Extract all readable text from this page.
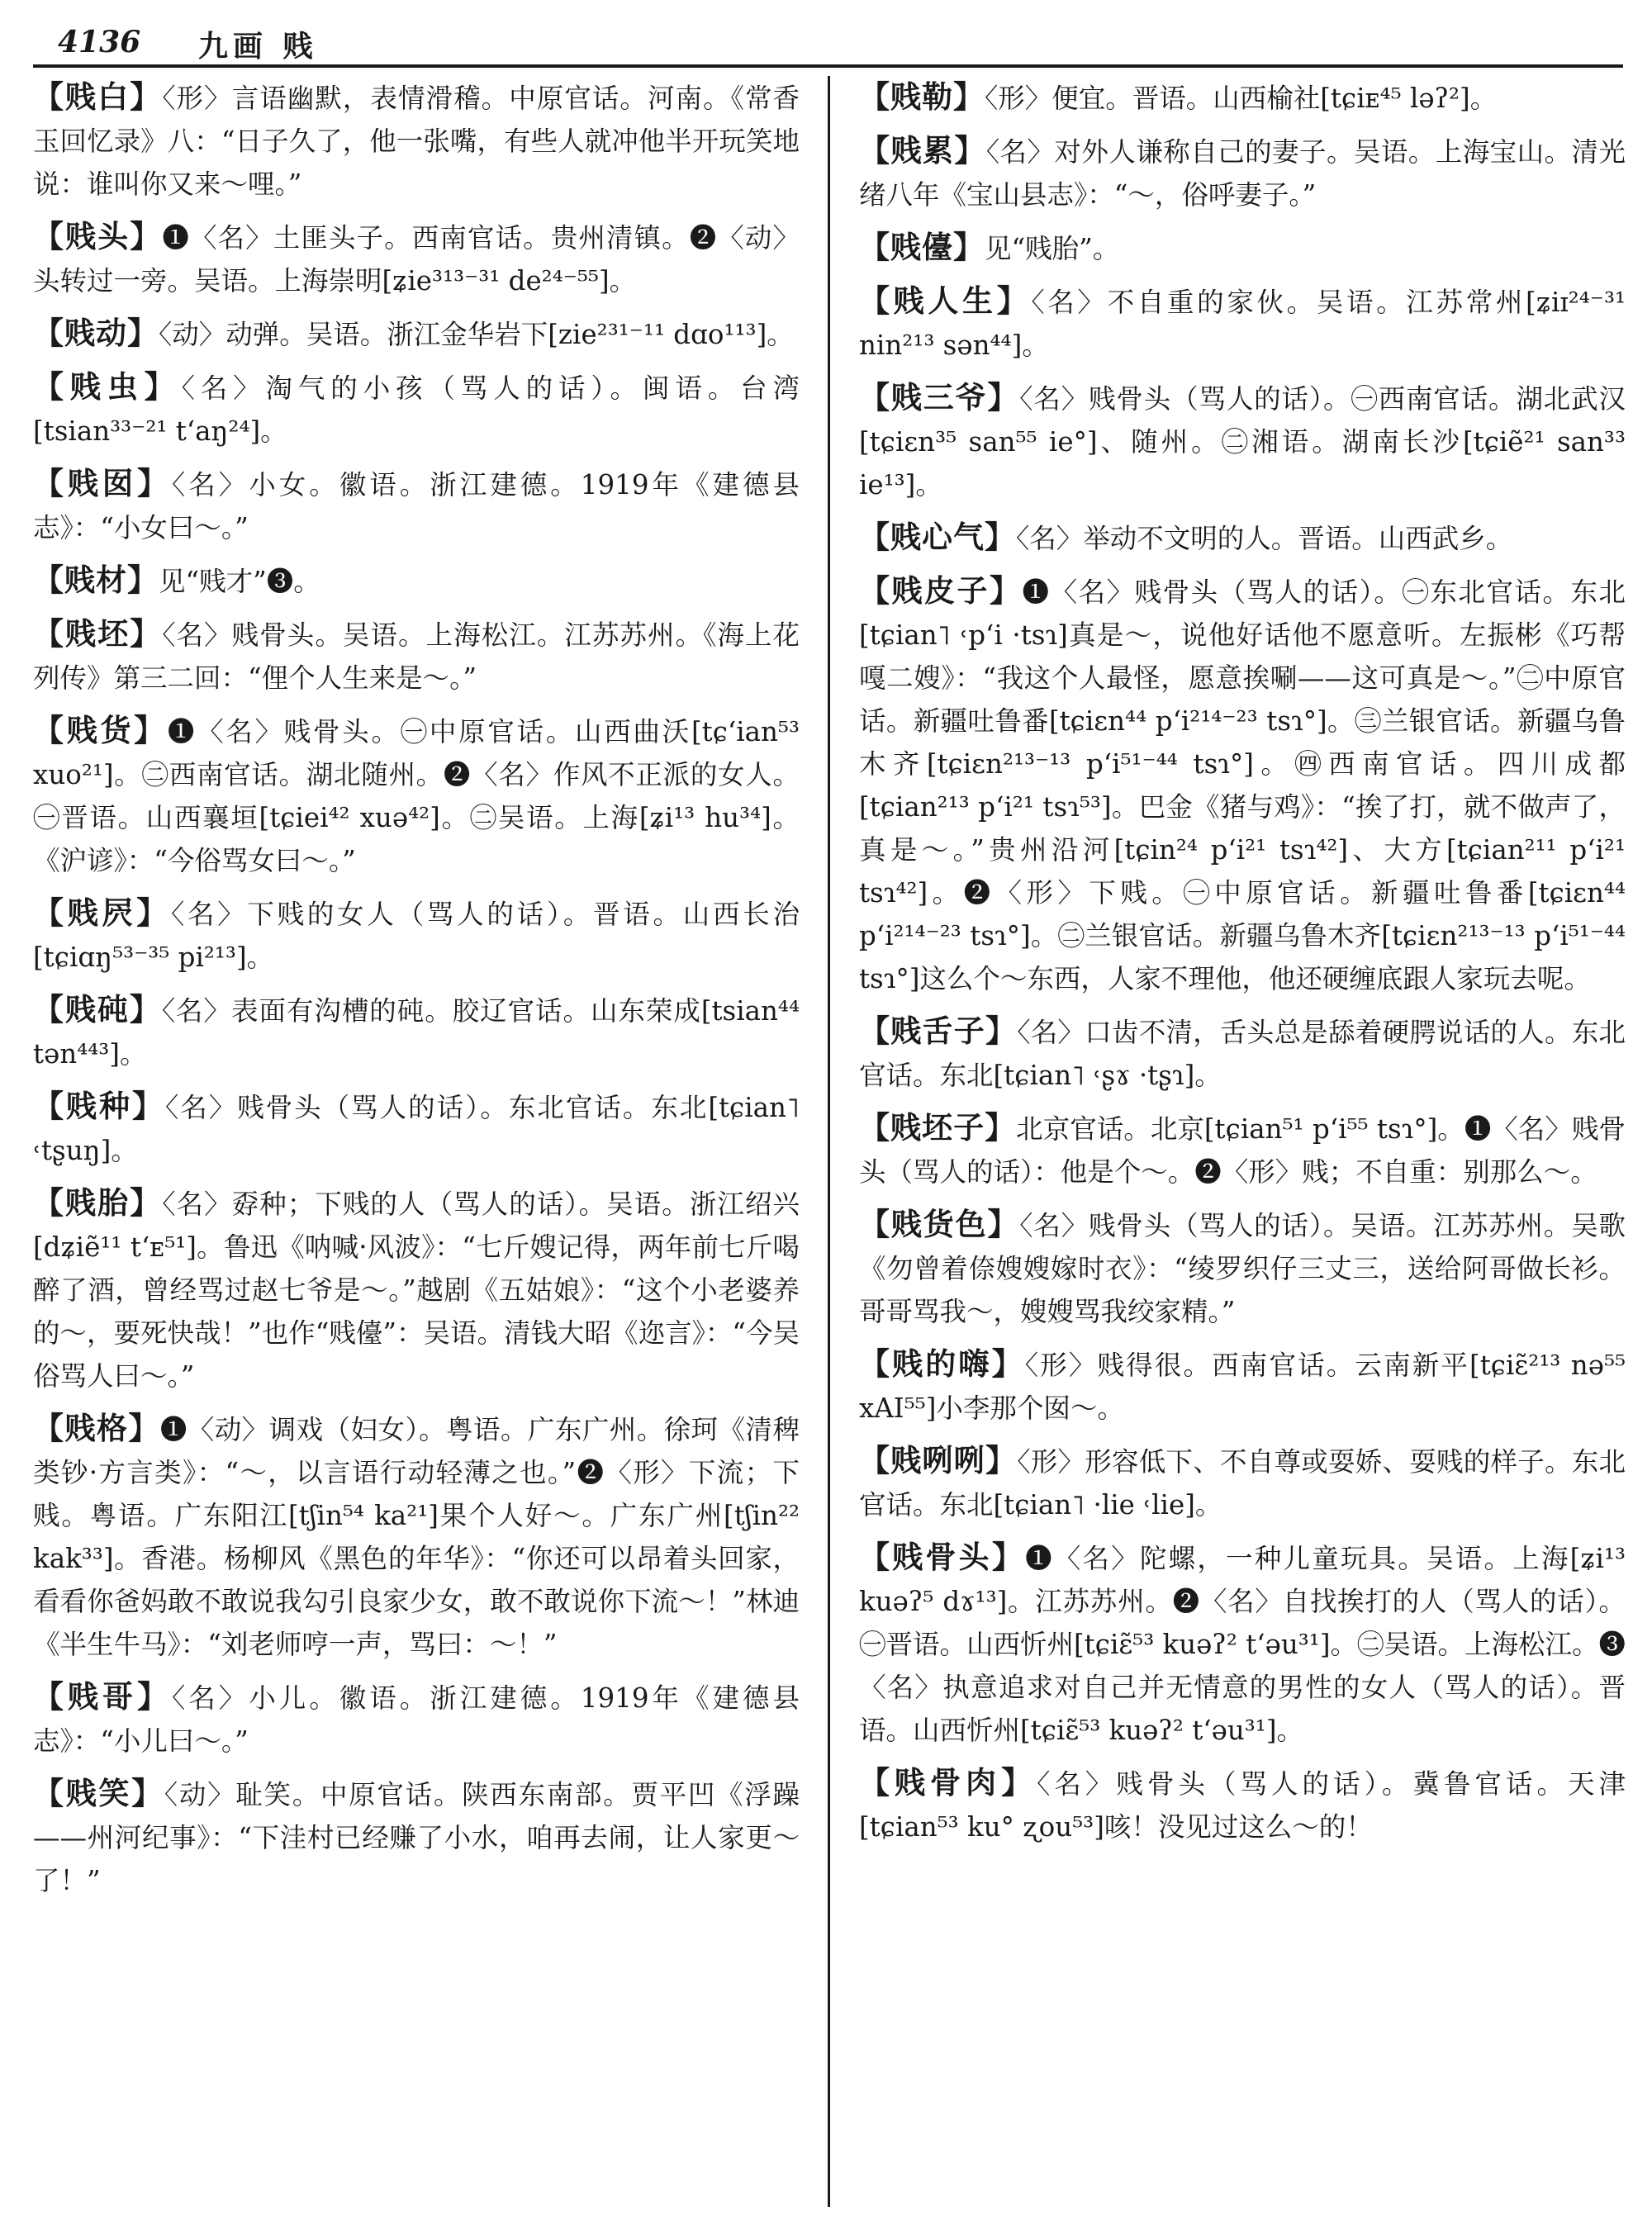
4136 九画 贱

【贱白】〈形〉言语幽默，表情滑稽。中原官话。河南。《常香玉回忆录》八：“日子久了，他一张嘴，有些人就冲他半开玩笑地说：谁叫你又来～哩。”

【贱头】❶〈名〉土匪头子。西南官话。贵州清镇。❷〈动〉头转过一旁。吴语。上海崇明[ʑie³¹³⁻³¹ de²⁴⁻⁵⁵]。

【贱动】〈动〉动弹。吴语。浙江金华岩下[zie²³¹⁻¹¹ dɑo¹¹³]。

【贱虫】〈名〉淘气的小孩（骂人的话）。闽语。台湾[tsian³³⁻²¹ tʻaŋ²⁴]。

【贱囡】〈名〉小女。徽语。浙江建德。1919年《建德县志》：“小女曰～。”

【贱材】见“贱才”❸。

【贱坯】〈名〉贱骨头。吴语。上海松江。江苏苏州。《海上花列传》第三二回：“俚个人生来是～。”

【贱货】❶〈名〉贱骨头。㊀中原官话。山西曲沃[tɕʻian⁵³ xuo²¹]。㊁西南官话。湖北随州。❷〈名〉作风不正派的女人。㊀晋语。山西襄垣[tɕiei⁴² xuə⁴²]。㊁吴语。上海[ʑi¹³ hu³⁴]。《沪谚》：“今俗骂女曰～。”

【贱屄】〈名〉下贱的女人（骂人的话）。晋语。山西长治[tɕiɑŋ⁵³⁻³⁵ pi²¹³]。

【贱砘】〈名〉表面有沟槽的砘。胶辽官话。山东荣成[tsian⁴⁴ tən⁴⁴³]。

【贱种】〈名〉贱骨头（骂人的话）。东北官话。东北[tɕian˥ ˓tʂuŋ]。

【贱胎】〈名〉孬种；下贱的人（骂人的话）。吴语。浙江绍兴[dʑiẽ¹¹ tʻᴇ⁵¹]。鲁迅《呐喊·风波》：“七斤嫂记得，两年前七斤喝醉了酒，曾经骂过赵七爷是～。”越剧《五姑娘》：“这个小老婆养的～，要死快哉！”也作“贱儓”：吴语。清钱大昭《迩言》：“今吴俗骂人曰～。”

【贱格】❶〈动〉调戏（妇女）。粤语。广东广州。徐珂《清稗类钞·方言类》：“～，以言语行动轻薄之也。”❷〈形〉下流；下贱。粤语。广东阳江[tʃin⁵⁴ ka²¹]果个人好～。广东广州[tʃin²² kak³³]。香港。杨柳风《黑色的年华》：“你还可以昂着头回家，看看你爸妈敢不敢说我勾引良家少女，敢不敢说你下流～！”林迪《半生牛马》：“刘老师哼一声，骂曰：～！”

【贱哥】〈名〉小儿。徽语。浙江建德。1919年《建德县志》：“小儿曰～。”

【贱笑】〈动〉耻笑。中原官话。陕西东南部。贾平凹《浮躁——州河纪事》：“下洼村已经赚了小水，咱再去闹，让人家更～了！”

【贱勒】〈形〉便宜。晋语。山西榆社[tɕiᴇ⁴⁵ ləʔ²]。

【贱累】〈名〉对外人谦称自己的妻子。吴语。上海宝山。清光绪八年《宝山县志》：“～，俗呼妻子。”

【贱儓】见“贱胎”。

【贱人生】〈名〉不自重的家伙。吴语。江苏常州[ʑiɪ²⁴⁻³¹ nin²¹³ sən⁴⁴]。

【贱三爷】〈名〉贱骨头（骂人的话）。㊀西南官话。湖北武汉[tɕiɛn³⁵ san⁵⁵ ie°]、随州。㊁湘语。湖南长沙[tɕiẽ²¹ san³³ ie¹³]。

【贱心气】〈名〉举动不文明的人。晋语。山西武乡。

【贱皮子】❶〈名〉贱骨头（骂人的话）。㊀东北官话。东北[tɕian˥ ˓pʻi ·tsɿ]真是～，说他好话他不愿意听。左振彬《巧帮嘎二嫂》：“我这个人最怪，愿意挨唰——这可真是～。”㊁中原官话。新疆吐鲁番[tɕiɛn⁴⁴ pʻi²¹⁴⁻²³ tsɿ°]。㊂兰银官话。新疆乌鲁木齐[tɕiɛn²¹³⁻¹³ pʻi⁵¹⁻⁴⁴ tsɿ°]。㊃西南官话。四川成都[tɕian²¹³ pʻi²¹ tsɿ⁵³]。巴金《猪与鸡》：“挨了打，就不做声了，真是～。”贵州沿河[tɕin²⁴ pʻi²¹ tsɿ⁴²]、大方[tɕian²¹¹ pʻi²¹ tsɿ⁴²]。❷〈形〉下贱。㊀中原官话。新疆吐鲁番[tɕiɛn⁴⁴ pʻi²¹⁴⁻²³ tsɿ°]。㊁兰银官话。新疆乌鲁木齐[tɕiɛn²¹³⁻¹³ pʻi⁵¹⁻⁴⁴ tsɿ°]这么个～东西，人家不理他，他还硬缠底跟人家玩去呢。

【贱舌子】〈名〉口齿不清，舌头总是舔着硬腭说话的人。东北官话。东北[tɕian˥ ˓ʂɤ ·tʂɿ]。

【贱坯子】北京官话。北京[tɕian⁵¹ pʻi⁵⁵ tsɿ°]。❶〈名〉贱骨头（骂人的话）：他是个～。❷〈形〉贱；不自重：别那么～。

【贱货色】〈名〉贱骨头（骂人的话）。吴语。江苏苏州。吴歌《勿曾着倷嫂嫂嫁时衣》：“绫罗织仔三丈三，送给阿哥做长衫。哥哥骂我～，嫂嫂骂我绞家精。”

【贱的嗨】〈形〉贱得很。西南官话。云南新平[tɕiɛ̃²¹³ nə⁵⁵ xAI⁵⁵]小李那个囡～。

【贱咧咧】〈形〉形容低下、不自尊或耍娇、耍贱的样子。东北官话。东北[tɕian˥ ·lie ˓lie]。

【贱骨头】❶〈名〉陀螺，一种儿童玩具。吴语。上海[ʑi¹³ kuəʔ⁵ dɤ¹³]。江苏苏州。❷〈名〉自找挨打的人（骂人的话）。㊀晋语。山西忻州[tɕiɛ̃⁵³ kuəʔ² tʻəu³¹]。㊁吴语。上海松江。❸〈名〉执意追求对自己并无情意的男性的女人（骂人的话）。晋语。山西忻州[tɕiɛ̃⁵³ kuəʔ² tʻəu³¹]。

【贱骨肉】〈名〉贱骨头（骂人的话）。冀鲁官话。天津[tɕian⁵³ ku° ʐou⁵³]咳！没见过这么～的！
